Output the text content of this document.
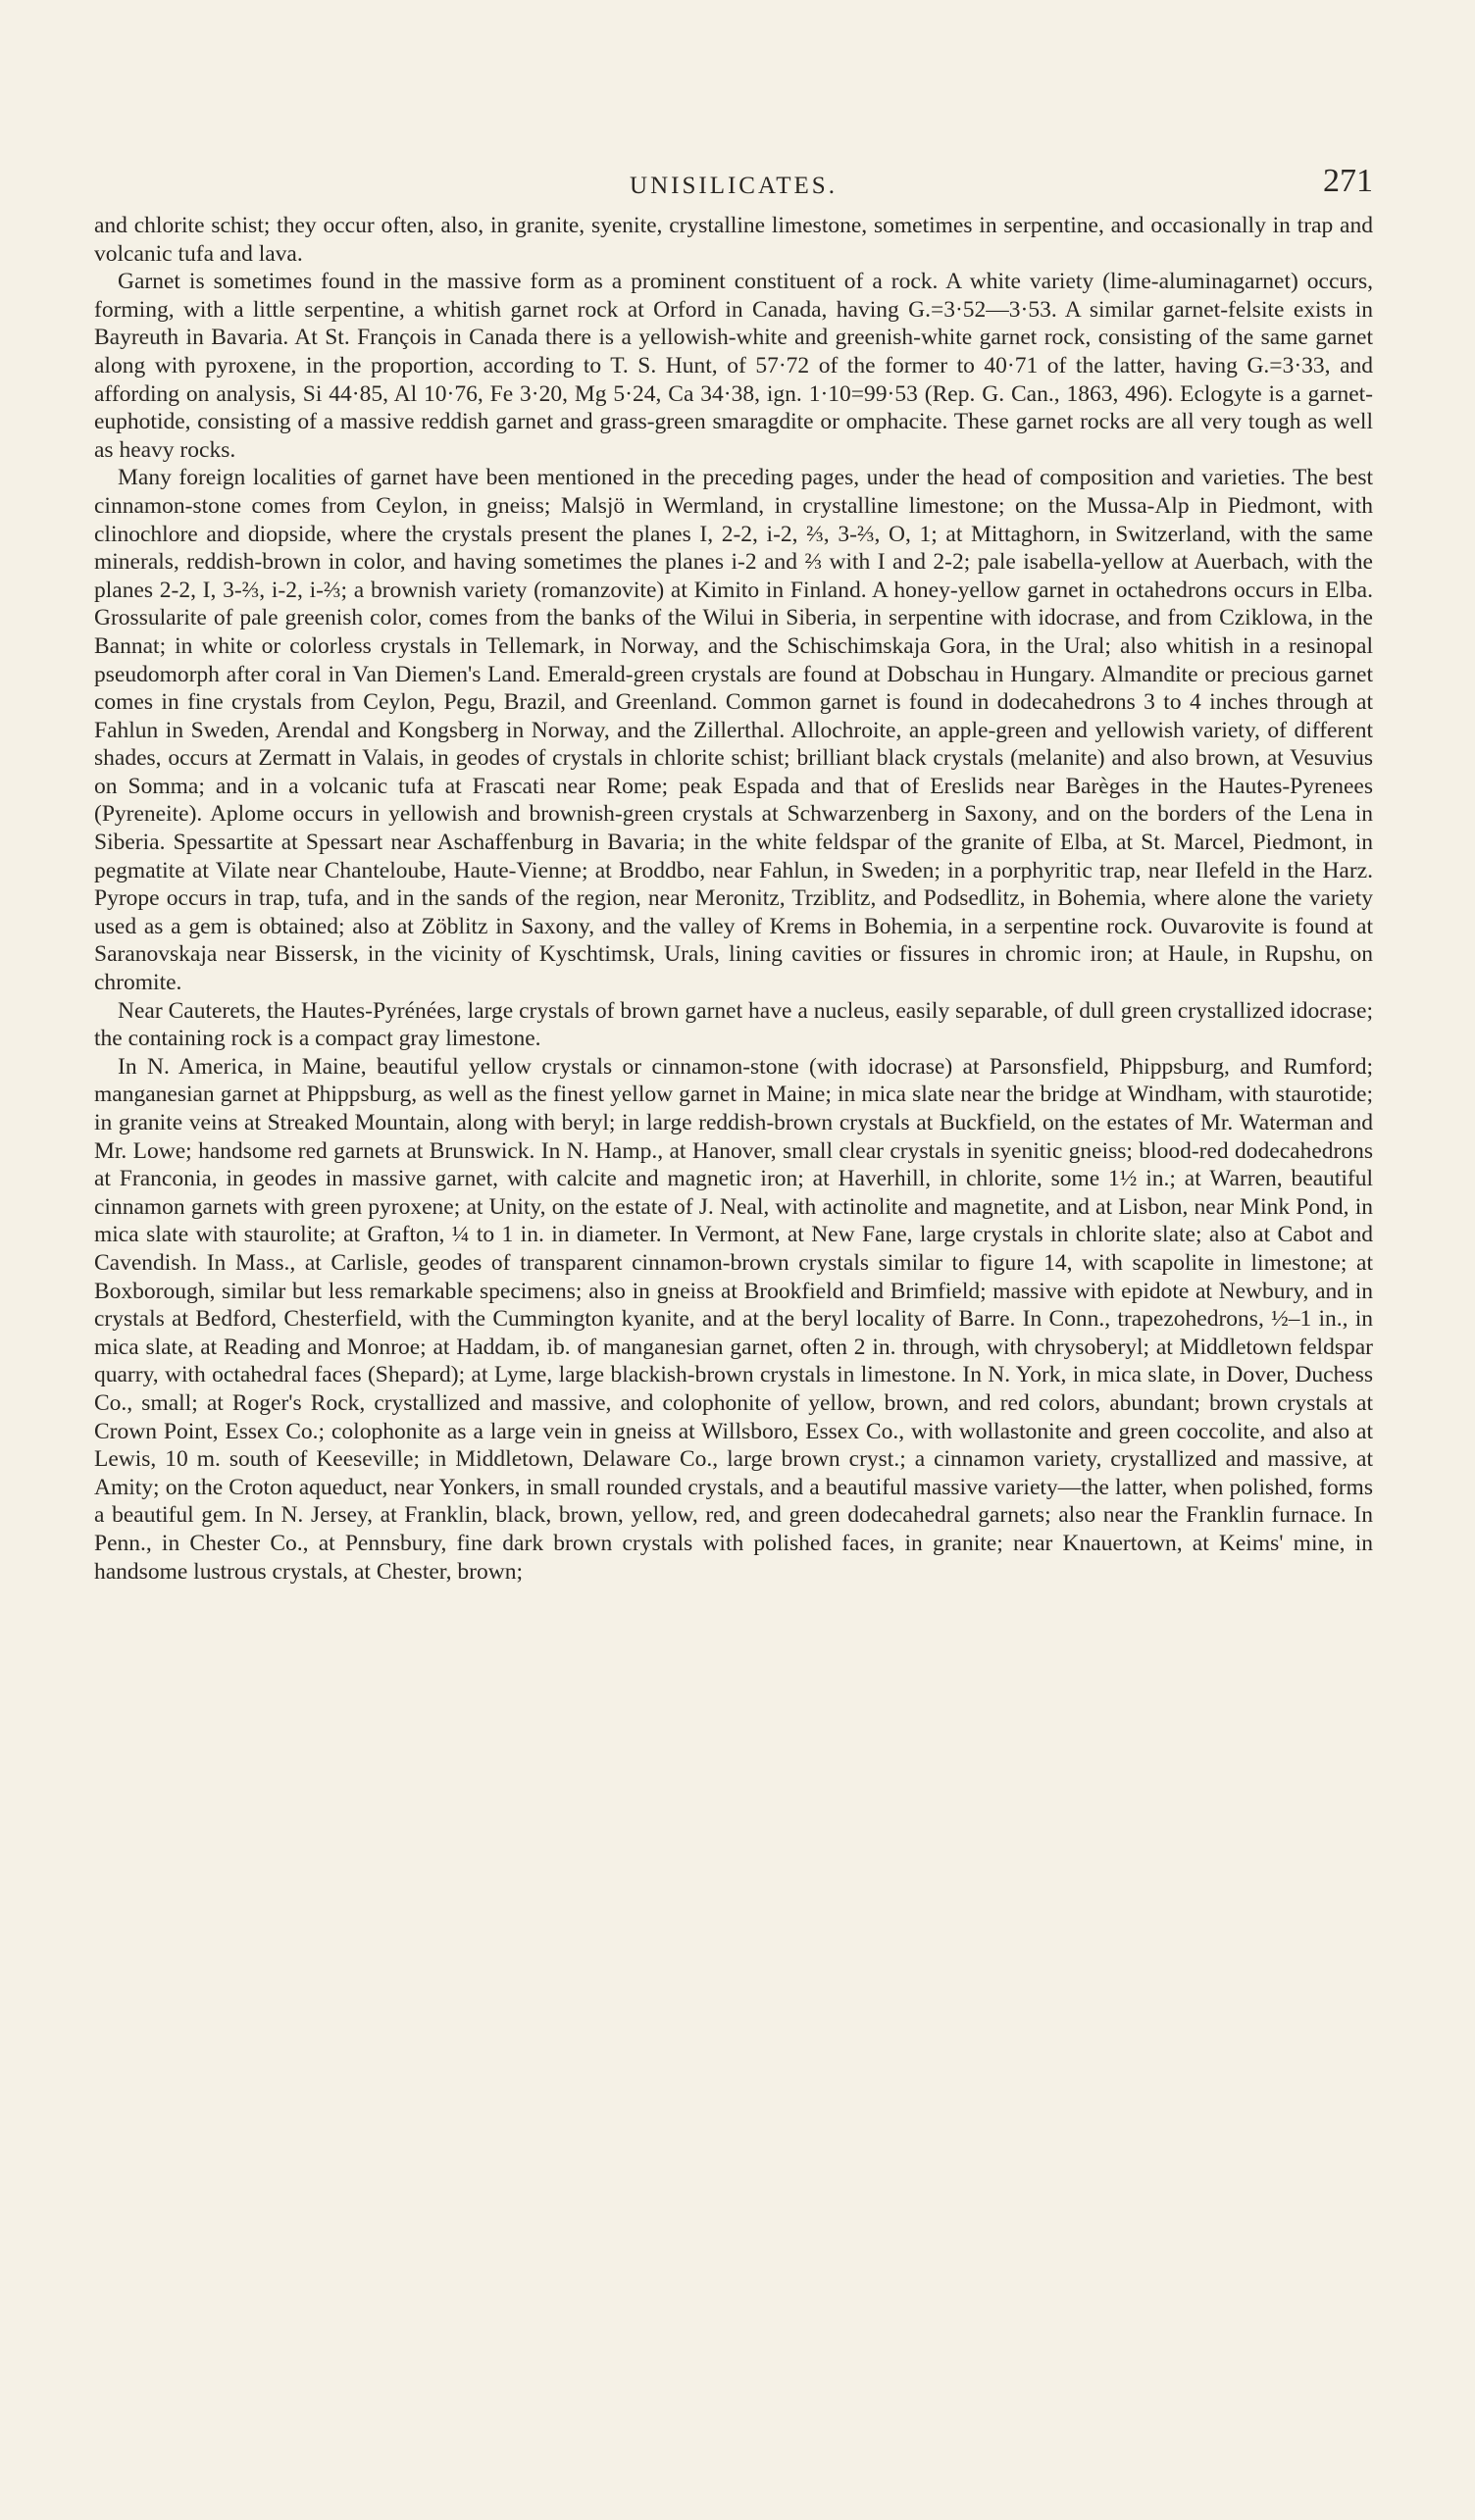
UNISILICATES.	271

and chlorite schist; they occur often, also, in granite, syenite, crystalline limestone, sometimes in serpentine, and occasionally in trap and volcanic tufa and lava.

Garnet is sometimes found in the massive form as a prominent constituent of a rock. A white variety (lime-aluminagarnet) occurs, forming, with a little serpentine, a whitish garnet rock at Orford in Canada, having G.=3·52—3·53. A similar garnet-felsite exists in Bayreuth in Bavaria. At St. François in Canada there is a yellowish-white and greenish-white garnet rock, consisting of the same garnet along with pyroxene, in the proportion, according to T. S. Hunt, of 57·72 of the former to 40·71 of the latter, having G.=3·33, and affording on analysis, Si 44·85, Al 10·76, Fe 3·20, Mg 5·24, Ca 34·38, ign. 1·10=99·53 (Rep. G. Can., 1863, 496). Eclogyte is a garnet-euphotide, consisting of a massive reddish garnet and grass-green smaragdite or omphacite. These garnet rocks are all very tough as well as heavy rocks.

Many foreign localities of garnet have been mentioned in the preceding pages, under the head of composition and varieties. The best cinnamon-stone comes from Ceylon, in gneiss; Malsjö in Wermland, in crystalline limestone; on the Mussa-Alp in Piedmont, with clinochlore and diopside, where the crystals present the planes I, 2-2, i-2, ⅔, 3-⅔, O, 1; at Mittaghorn, in Switzerland, with the same minerals, reddish-brown in color, and having sometimes the planes i-2 and ⅔ with I and 2-2; pale isabella-yellow at Auerbach, with the planes 2-2, I, 3-⅔, i-2, i-⅔; a brownish variety (romanzovite) at Kimito in Finland. A honey-yellow garnet in octahedrons occurs in Elba. Grossularite of pale greenish color, comes from the banks of the Wilui in Siberia, in serpentine with idocrase, and from Cziklowa, in the Bannat; in white or colorless crystals in Tellemark, in Norway, and the Schischimskaja Gora, in the Ural; also whitish in a resinopal pseudomorph after coral in Van Diemen's Land. Emerald-green crystals are found at Dobschau in Hungary. Almandite or precious garnet comes in fine crystals from Ceylon, Pegu, Brazil, and Greenland. Common garnet is found in dodecahedrons 3 to 4 inches through at Fahlun in Sweden, Arendal and Kongsberg in Norway, and the Zillerthal. Allochroite, an apple-green and yellowish variety, of different shades, occurs at Zermatt in Valais, in geodes of crystals in chlorite schist; brilliant black crystals (melanite) and also brown, at Vesuvius on Somma; and in a volcanic tufa at Frascati near Rome; peak Espada and that of Ereslids near Barèges in the Hautes-Pyrenees (Pyreneite). Aplome occurs in yellowish and brownish-green crystals at Schwarzenberg in Saxony, and on the borders of the Lena in Siberia. Spessartite at Spessart near Aschaffenburg in Bavaria; in the white feldspar of the granite of Elba, at St. Marcel, Piedmont, in pegmatite at Vilate near Chanteloube, Haute-Vienne; at Broddbo, near Fahlun, in Sweden; in a porphyritic trap, near Ilefeld in the Harz. Pyrope occurs in trap, tufa, and in the sands of the region, near Meronitz, Trziblitz, and Podsedlitz, in Bohemia, where alone the variety used as a gem is obtained; also at Zöblitz in Saxony, and the valley of Krems in Bohemia, in a serpentine rock. Ouvarovite is found at Saranovskaja near Bissersk, in the vicinity of Kyschtimsk, Urals, lining cavities or fissures in chromic iron; at Haule, in Rupshu, on chromite.

Near Cauterets, the Hautes-Pyrénées, large crystals of brown garnet have a nucleus, easily separable, of dull green crystallized idocrase; the containing rock is a compact gray limestone.

In N. America, in Maine, beautiful yellow crystals or cinnamon-stone (with idocrase) at Parsonsfield, Phippsburg, and Rumford; manganesian garnet at Phippsburg, as well as the finest yellow garnet in Maine; in mica slate near the bridge at Windham, with staurotide; in granite veins at Streaked Mountain, along with beryl; in large reddish-brown crystals at Buckfield, on the estates of Mr. Waterman and Mr. Lowe; handsome red garnets at Brunswick. In N. Hamp., at Hanover, small clear crystals in syenitic gneiss; blood-red dodecahedrons at Franconia, in geodes in massive garnet, with calcite and magnetic iron; at Haverhill, in chlorite, some 1½ in.; at Warren, beautiful cinnamon garnets with green pyroxene; at Unity, on the estate of J. Neal, with actinolite and magnetite, and at Lisbon, near Mink Pond, in mica slate with staurolite; at Grafton, ¼ to 1 in. in diameter. In Vermont, at New Fane, large crystals in chlorite slate; also at Cabot and Cavendish. In Mass., at Carlisle, geodes of transparent cinnamon-brown crystals similar to figure 14, with scapolite in limestone; at Boxborough, similar but less remarkable specimens; also in gneiss at Brookfield and Brimfield; massive with epidote at Newbury, and in crystals at Bedford, Chesterfield, with the Cummington kyanite, and at the beryl locality of Barre. In Conn., trapezohedrons, ½–1 in., in mica slate, at Reading and Monroe; at Haddam, ib. of manganesian garnet, often 2 in. through, with chrysoberyl; at Middletown feldspar quarry, with octahedral faces (Shepard); at Lyme, large blackish-brown crystals in limestone. In N. York, in mica slate, in Dover, Duchess Co., small; at Roger's Rock, crystallized and massive, and colophonite of yellow, brown, and red colors, abundant; brown crystals at Crown Point, Essex Co.; colophonite as a large vein in gneiss at Willsboro, Essex Co., with wollastonite and green coccolite, and also at Lewis, 10 m. south of Keeseville; in Middletown, Delaware Co., large brown cryst.; a cinnamon variety, crystallized and massive, at Amity; on the Croton aqueduct, near Yonkers, in small rounded crystals, and a beautiful massive variety—the latter, when polished, forms a beautiful gem. In N. Jersey, at Franklin, black, brown, yellow, red, and green dodecahedral garnets; also near the Franklin furnace. In Penn., in Chester Co., at Pennsbury, fine dark brown crystals with polished faces, in granite; near Knauertown, at Keims' mine, in handsome lustrous crystals, at Chester, brown;
